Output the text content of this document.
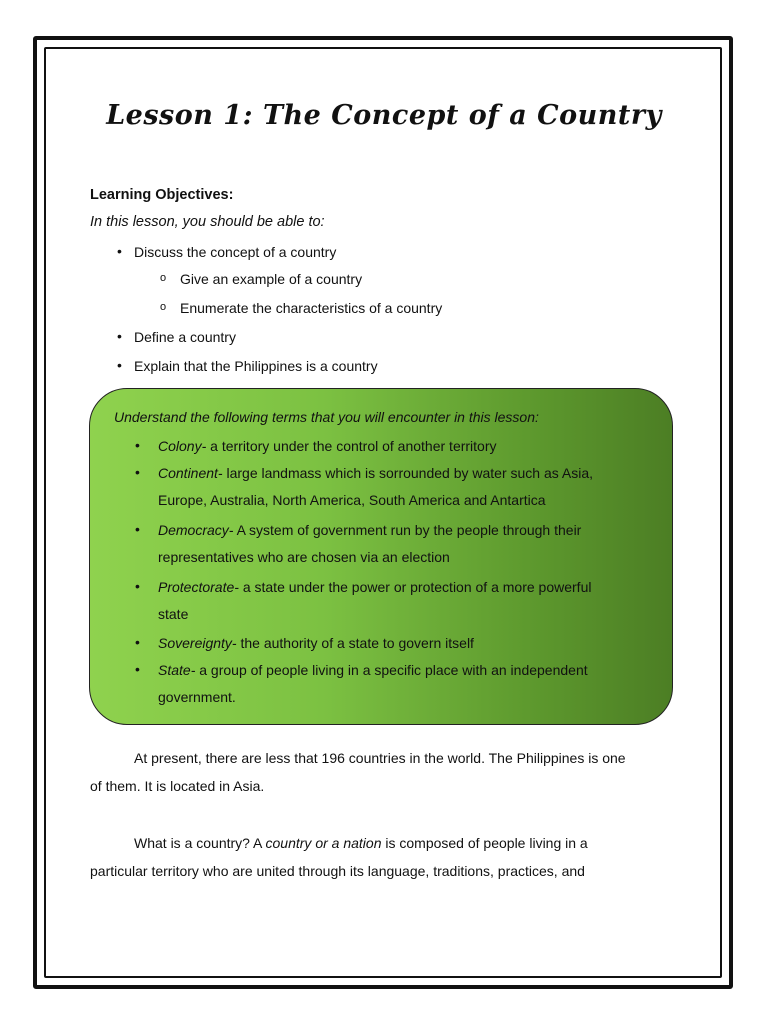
Lesson 1: The Concept of a Country
Learning Objectives:
In this lesson, you should be able to:
• Discuss the concept of a country
o Give an example of a country
o Enumerate the characteristics of a country
• Define a country
• Explain that the Philippines is a country
Understand the following terms that you will encounter in this lesson:
• Colony- a territory under the control of another territory
• Continent- large landmass which is sorrounded by water such as Asia,
Europe, Australia, North America, South America and Antartica
• Democracy- A system of government run by the people through their
representatives who are chosen via an election
• Protectorate- a state under the power or protection of a more powerful
state
• Sovereignty- the authority of a state to govern itself
• State- a group of people living in a specific place with an independent
government.
At present, there are less that 196 countries in the world. The Philippines is one
of them. It is located in Asia.
What is a country? A country or a nation is composed of people living in a
particular territory who are united through its language, traditions, practices, and
